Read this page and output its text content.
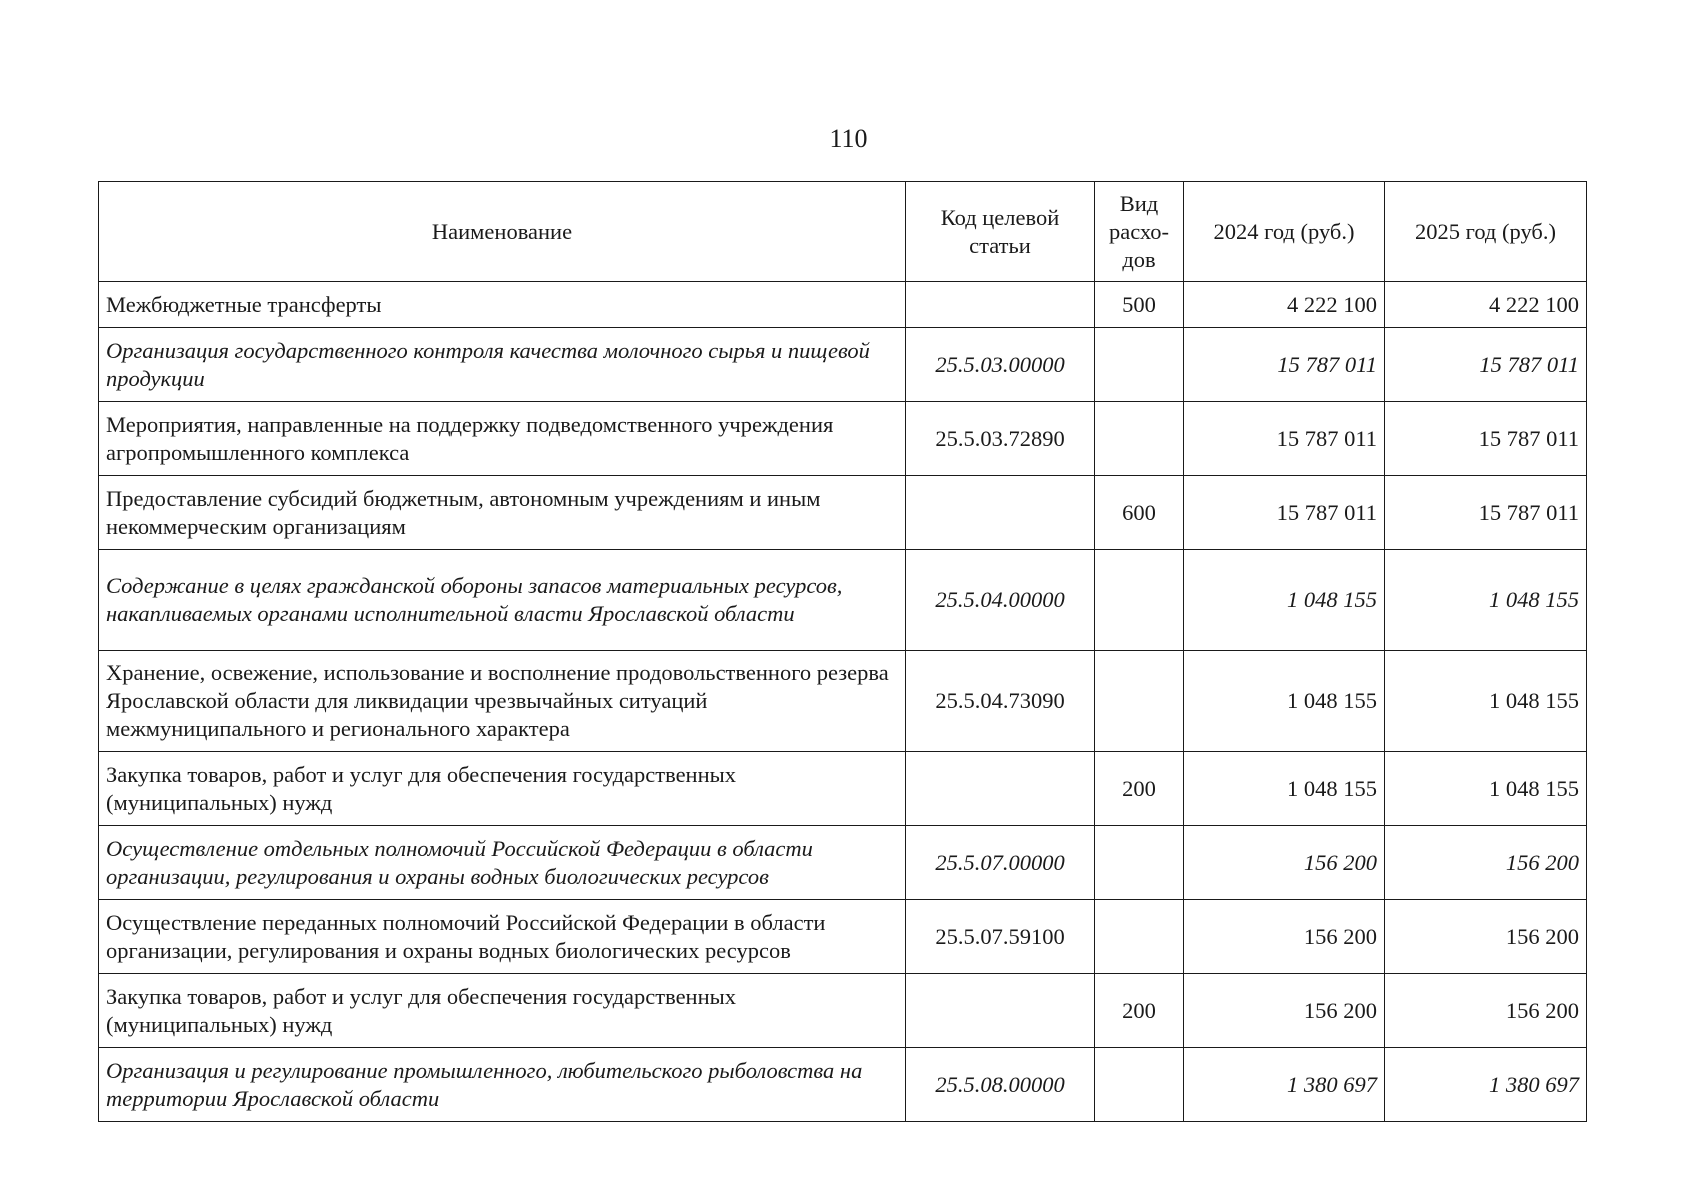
110
Наименование	Код целевой статьи	Вид расхо-дов	2024 год (руб.)	2025 год (руб.)
Межбюджетные трансферты		500	4 222 100	4 222 100
Организация государственного контроля качества молочного сырья и пищевой продукции	25.5.03.00000		15 787 011	15 787 011
Мероприятия, направленные на поддержку подведомственного учреждения агропромышленного комплекса	25.5.03.72890		15 787 011	15 787 011
Предоставление субсидий бюджетным, автономным учреждениям и иным некоммерческим организациям		600	15 787 011	15 787 011
Содержание в целях гражданской обороны запасов материальных ресурсов, накапливаемых органами исполнительной власти Ярославской области	25.5.04.00000		1 048 155	1 048 155
Хранение, освежение, использование и восполнение продовольственного резерва Ярославской области для ликвидации чрезвычайных ситуаций межмуниципального и регионального характера	25.5.04.73090		1 048 155	1 048 155
Закупка товаров, работ и услуг для обеспечения государственных (муниципальных) нужд		200	1 048 155	1 048 155
Осуществление отдельных полномочий Российской Федерации в области организации, регулирования и охраны водных биологических ресурсов	25.5.07.00000		156 200	156 200
Осуществление переданных полномочий Российской Федерации в области организации, регулирования и охраны водных биологических ресурсов	25.5.07.59100		156 200	156 200
Закупка товаров, работ и услуг для обеспечения государственных (муниципальных) нужд		200	156 200	156 200
Организация и регулирование промышленного, любительского рыболовства на территории Ярославской области	25.5.08.00000		1 380 697	1 380 697
